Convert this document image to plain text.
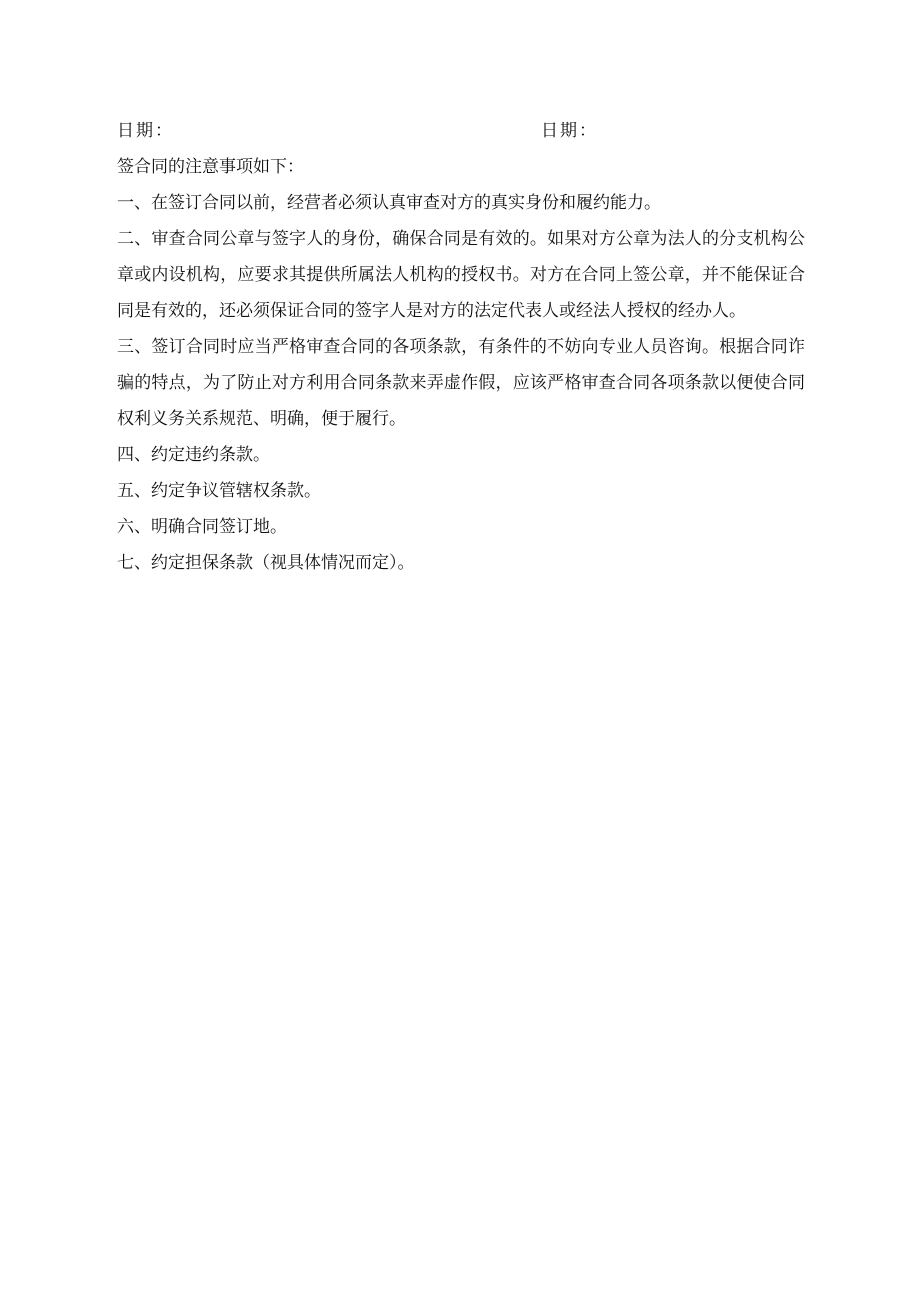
日期：	日期：

签合同的注意事项如下：

一、在签订合同以前，经营者必须认真审查对方的真实身份和履约能力。

二、审查合同公章与签字人的身份，确保合同是有效的。如果对方公章为法人的分支机构公章或内设机构，应要求其提供所属法人机构的授权书。对方在合同上签公章，并不能保证合同是有效的，还必须保证合同的签字人是对方的法定代表人或经法人授权的经办人。

三、签订合同时应当严格审查合同的各项条款，有条件的不妨向专业人员咨询。根据合同诈骗的特点，为了防止对方利用合同条款来弄虚作假，应该严格审查合同各项条款以便使合同权利义务关系规范、明确，便于履行。

四、约定违约条款。

五、约定争议管辖权条款。

六、明确合同签订地。

七、约定担保条款（视具体情况而定）。
